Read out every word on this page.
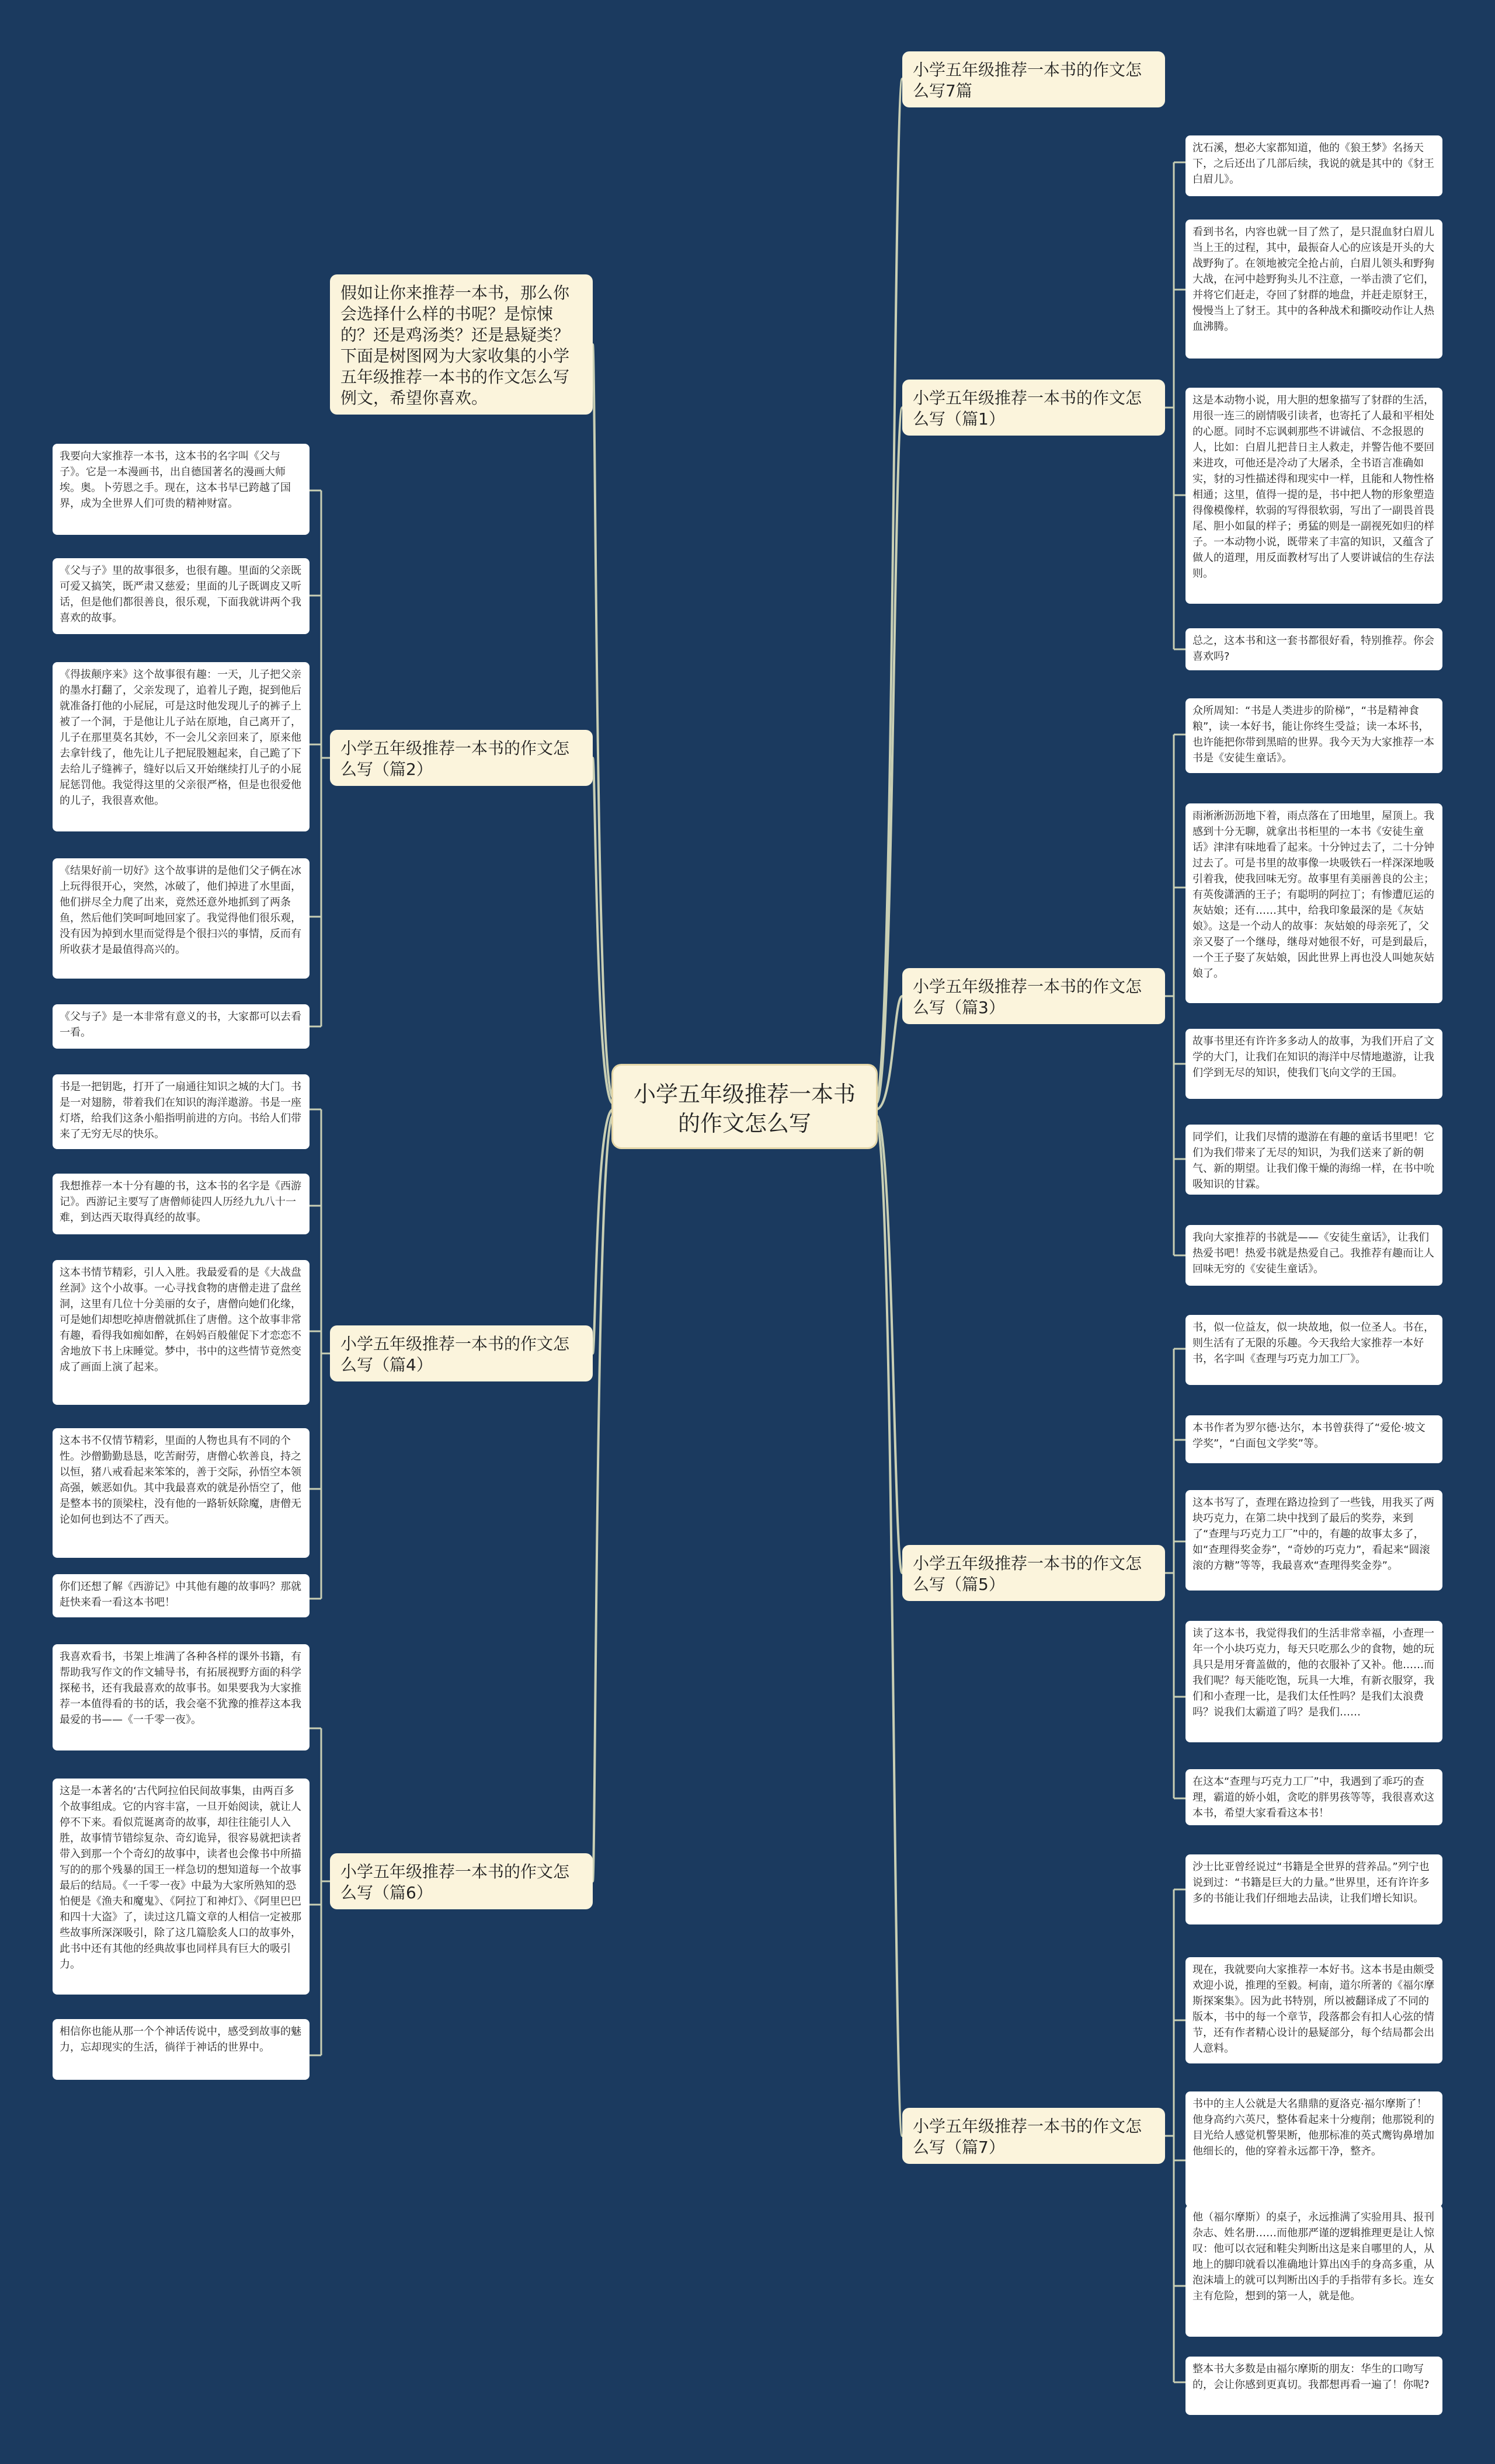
小学五年级推荐一本书的作文怎么写
假如让你来推荐一本书，那么你会选择什么样的书呢？是惊悚的？还是鸡汤类？还是悬疑类？下面是树图网为大家收集的小学五年级推荐一本书的作文怎么写例文，希望你喜欢。
小学五年级推荐一本书的作文怎么写7篇
小学五年级推荐一本书的作文怎么写（篇1）
沈石溪，想必大家都知道，他的《狼王梦》名扬天下，之后还出了几部后续，我说的就是其中的《豺王白眉儿》。
看到书名，内容也就一目了然了，是只混血豺白眉儿当上王的过程，其中，最振奋人心的应该是开头的大战野狗了。在领地被完全抢占前，白眉儿领头和野狗大战，在河中趁野狗头儿不注意，一举击溃了它们，并将它们赶走，夺回了豺群的地盘，并赶走原豺王，慢慢当上了豺王。其中的各种战术和撕咬动作让人热血沸腾。
这是本动物小说，用大胆的想象描写了豺群的生活，用很一连三的剧情吸引读者，也寄托了人最和平相处的心愿。同时不忘讽刺那些不讲诚信、不念报恩的人，比如：白眉儿把昔日主人救走，并警告他不要回来进攻，可他还是冷动了大屠杀，全书语言准确如实，豺的习性描述得和现实中一样，且能和人物性格相通；这里，值得一提的是，书中把人物的形象塑造得像模像样，软弱的写得很软弱，写出了一副畏首畏尾、胆小如鼠的样子；勇猛的则是一副视死如归的样子。一本动物小说，既带来了丰富的知识，又蕴含了做人的道理，用反面教材写出了人要讲诚信的生存法则。
总之，这本书和这一套书都很好看，特别推荐。你会喜欢吗?
小学五年级推荐一本书的作文怎么写（篇3）
众所周知：“书是人类进步的阶梯”，“书是精神食粮”，读一本好书，能让你终生受益；读一本坏书，也许能把你带到黑暗的世界。我今天为大家推荐一本书是《安徒生童话》。
雨淅淅沥沥地下着，雨点落在了田地里，屋顶上。我感到十分无聊，就拿出书柜里的一本书《安徒生童话》津津有味地看了起来。十分钟过去了，二十分钟过去了。可是书里的故事像一块吸铁石一样深深地吸引着我，使我回味无穷。故事里有美丽善良的公主；有英俊潇洒的王子；有聪明的阿拉丁；有惨遭厄运的灰姑娘；还有……其中，给我印象最深的是《灰姑娘》。这是一个动人的故事：灰姑娘的母亲死了，父亲又娶了一个继母，继母对她很不好，可是到最后，一个王子娶了灰姑娘，因此世界上再也没人叫她灰姑娘了。
故事书里还有许许多多动人的故事，为我们开启了文学的大门，让我们在知识的海洋中尽情地遨游，让我们学到无尽的知识，使我们飞向文学的王国。
同学们，让我们尽情的遨游在有趣的童话书里吧！它们为我们带来了无尽的知识，为我们送来了新的朝气、新的期望。让我们像干燥的海绵一样，在书中吮吸知识的甘霖。
我向大家推荐的书就是——《安徒生童话》，让我们热爱书吧！热爱书就是热爱自己。我推荐有趣而让人回味无穷的《安徒生童话》。
小学五年级推荐一本书的作文怎么写（篇5）
书，似一位益友，似一块故地，似一位圣人。书在，则生活有了无限的乐趣。今天我给大家推荐一本好书，名字叫《查理与巧克力加工厂》。
本书作者为罗尔德·达尔，本书曾获得了“爱伦·坡文学奖”，“白面包文学奖”等。
这本书写了，查理在路边捡到了一些钱，用我买了两块巧克力，在第二块中找到了最后的奖券，来到了“查理与巧克力工厂”中的，有趣的故事太多了，如“查理得奖金券”，“奇妙的巧克力”，看起来“圆滚滚的方糖”等等，我最喜欢“查理得奖金券”。
读了这本书，我觉得我们的生活非常幸福，小查理一年一个小块巧克力，每天只吃那么少的食物，她的玩具只是用牙膏盖做的，他的衣服补了又补。他……而我们呢？每天能吃饱，玩具一大堆，有新衣服穿，我们和小查理一比，是我们太任性吗？是我们太浪费吗？说我们太霸道了吗？是我们……
在这本“查理与巧克力工厂”中，我遇到了乖巧的查理，霸道的娇小姐，贪吃的胖男孩等等，我很喜欢这本书，希望大家看看这本书！
小学五年级推荐一本书的作文怎么写（篇7）
沙士比亚曾经说过“书籍是全世界的营养品。”列宁也说到过：“书籍是巨大的力量。”世界里，还有许许多多的书能让我们仔细地去品读，让我们增长知识。
现在，我就要向大家推荐一本好书。这本书是由颇受欢迎小说，推理的至毅。柯南，道尔所著的《福尔摩斯探案集》。因为此书特别，所以被翻译成了不同的版本，书中的每一个章节，段落都会有扣人心弦的情节，还有作者精心设计的悬疑部分，每个结局都会出人意料。
书中的主人公就是大名鼎鼎的夏洛克·福尔摩斯了！他身高约六英尺，整体看起来十分瘦削；他那锐利的目光给人感觉机警果断，他那标准的英式鹰钩鼻增加他细长的，他的穿着永远都干净，整齐。
他（福尔摩斯）的桌子，永远推满了实验用具、报刊杂志、姓名册……而他那严谨的逻辑推理更是让人惊叹：他可以衣冠和鞋尖判断出这是来自哪里的人，从地上的脚印就看以准确地计算出凶手的身高多重，从泡沫墙上的就可以判断出凶手的手指带有多长。连女主有危险，想到的第一人，就是他。
整本书大多数是由福尔摩斯的朋友：华生的口吻写的，会让你感到更真切。我都想再看一遍了！你呢?
小学五年级推荐一本书的作文怎么写（篇2）
我要向大家推荐一本书，这本书的名字叫《父与子》。它是一本漫画书，出自德国著名的漫画大师埃。奥。卜劳恩之手。现在，这本书早已跨越了国界，成为全世界人们可贵的精神财富。
《父与子》里的故事很多，也很有趣。里面的父亲既可爱又搞笑，既严肃又慈爱；里面的儿子既调皮又听话，但是他们都很善良，很乐观，下面我就讲两个我喜欢的故事。
《得拔颠序来》这个故事很有趣：一天，儿子把父亲的墨水打翻了，父亲发现了，追着儿子跑，捉到他后就准备打他的小屁屁，可是这时他发现儿子的裤子上被了一个洞，于是他让儿子站在原地，自己离开了，儿子在那里莫名其妙，不一会儿父亲回来了，原来他去拿针线了，他先让儿子把屁股翘起来，自己跪了下去给儿子缝裤子，缝好以后又开始继续打儿子的小屁屁惩罚他。我觉得这里的父亲很严格，但是也很爱他的儿子，我很喜欢他。
《结果好前一切好》这个故事讲的是他们父子俩在冰上玩得很开心，突然，冰破了，他们掉进了水里面，他们拼尽全力爬了出来，竟然还意外地抓到了两条鱼，然后他们笑呵呵地回家了。我觉得他们很乐观，没有因为掉到水里而觉得是个很扫兴的事情，反而有所收获才是最值得高兴的。
《父与子》是一本非常有意义的书，大家都可以去看一看。
小学五年级推荐一本书的作文怎么写（篇4）
书是一把钥匙，打开了一扇通往知识之城的大门。书是一对翅膀，带着我们在知识的海洋遨游。书是一座灯塔，给我们这条小船指明前进的方向。书给人们带来了无穷无尽的快乐。
我想推荐一本十分有趣的书，这本书的名字是《西游记》。西游记主要写了唐僧师徒四人历经九九八十一难，到达西天取得真经的故事。
这本书情节精彩，引人入胜。我最爱看的是《大战盘丝洞》这个小故事。一心寻找食物的唐僧走进了盘丝洞，这里有几位十分美丽的女子，唐僧向她们化缘，可是她们却想吃掉唐僧就抓住了唐僧。这个故事非常有趣，看得我如痴如醉，在妈妈百般催促下才恋恋不舍地放下书上床睡觉。梦中，书中的这些情节竟然变成了画面上演了起来。
这本书不仅情节精彩，里面的人物也具有不同的个性。沙僧勤勤恳恳，吃苦耐劳，唐僧心软善良，持之以恒，猪八戒看起来笨笨的，善于交际，孙悟空本领高强，嫉恶如仇。其中我最喜欢的就是孙悟空了，他是整本书的顶梁柱，没有他的一路斩妖除魔，唐僧无论如何也到达不了西天。
你们还想了解《西游记》中其他有趣的故事吗？那就赶快来看一看这本书吧！
小学五年级推荐一本书的作文怎么写（篇6）
我喜欢看书，书架上堆满了各种各样的课外书籍，有帮助我写作文的作文辅导书，有拓展视野方面的科学探秘书，还有我最喜欢的故事书。如果要我为大家推荐一本值得看的书的话，我会毫不犹豫的推荐这本我最爱的书——《一千零一夜》。
这是一本著名的‘古代阿拉伯民间故事集，由两百多个故事组成。它的内容丰富，一旦开始阅读，就让人停不下来。看似荒诞离奇的故事，却往往能引人入胜，故事情节错综复杂、奇幻诡异，很容易就把读者带入到那一个个奇幻的故事中，读者也会像书中所描写的的那个残暴的国王一样急切的想知道每一个故事最后的结局。《一千零一夜》中最为大家所熟知的恐怕便是《渔夫和魔鬼》、《阿拉丁和神灯》、《阿里巴巴和四十大盗》了，读过这几篇文章的人相信一定被那些故事所深深吸引，除了这几篇脍炙人口的故事外，此书中还有其他的经典故事也同样具有巨大的吸引力。
相信你也能从那一个个神话传说中，感受到故事的魅力，忘却现实的生活，徜徉于神话的世界中。
